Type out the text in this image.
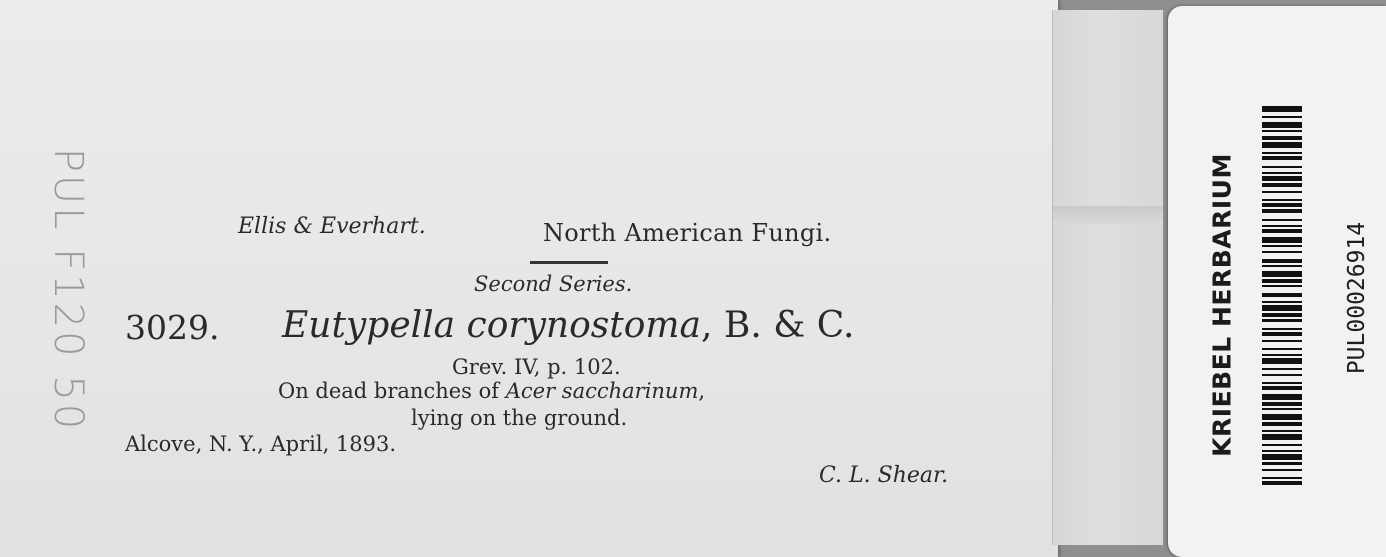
PUL F120 50	Ellis & Everhart.	North American Fungi.
Second Series.
3029. Eutypella corynostoma, B. & C.
Grev. IV, p. 102.
On dead branches of Acer saccharinum,
lying on the ground.
Alcove, N. Y., April, 1893.
C. L. Shear.
KRIEBEL HERBARIUM	PUL00026914
